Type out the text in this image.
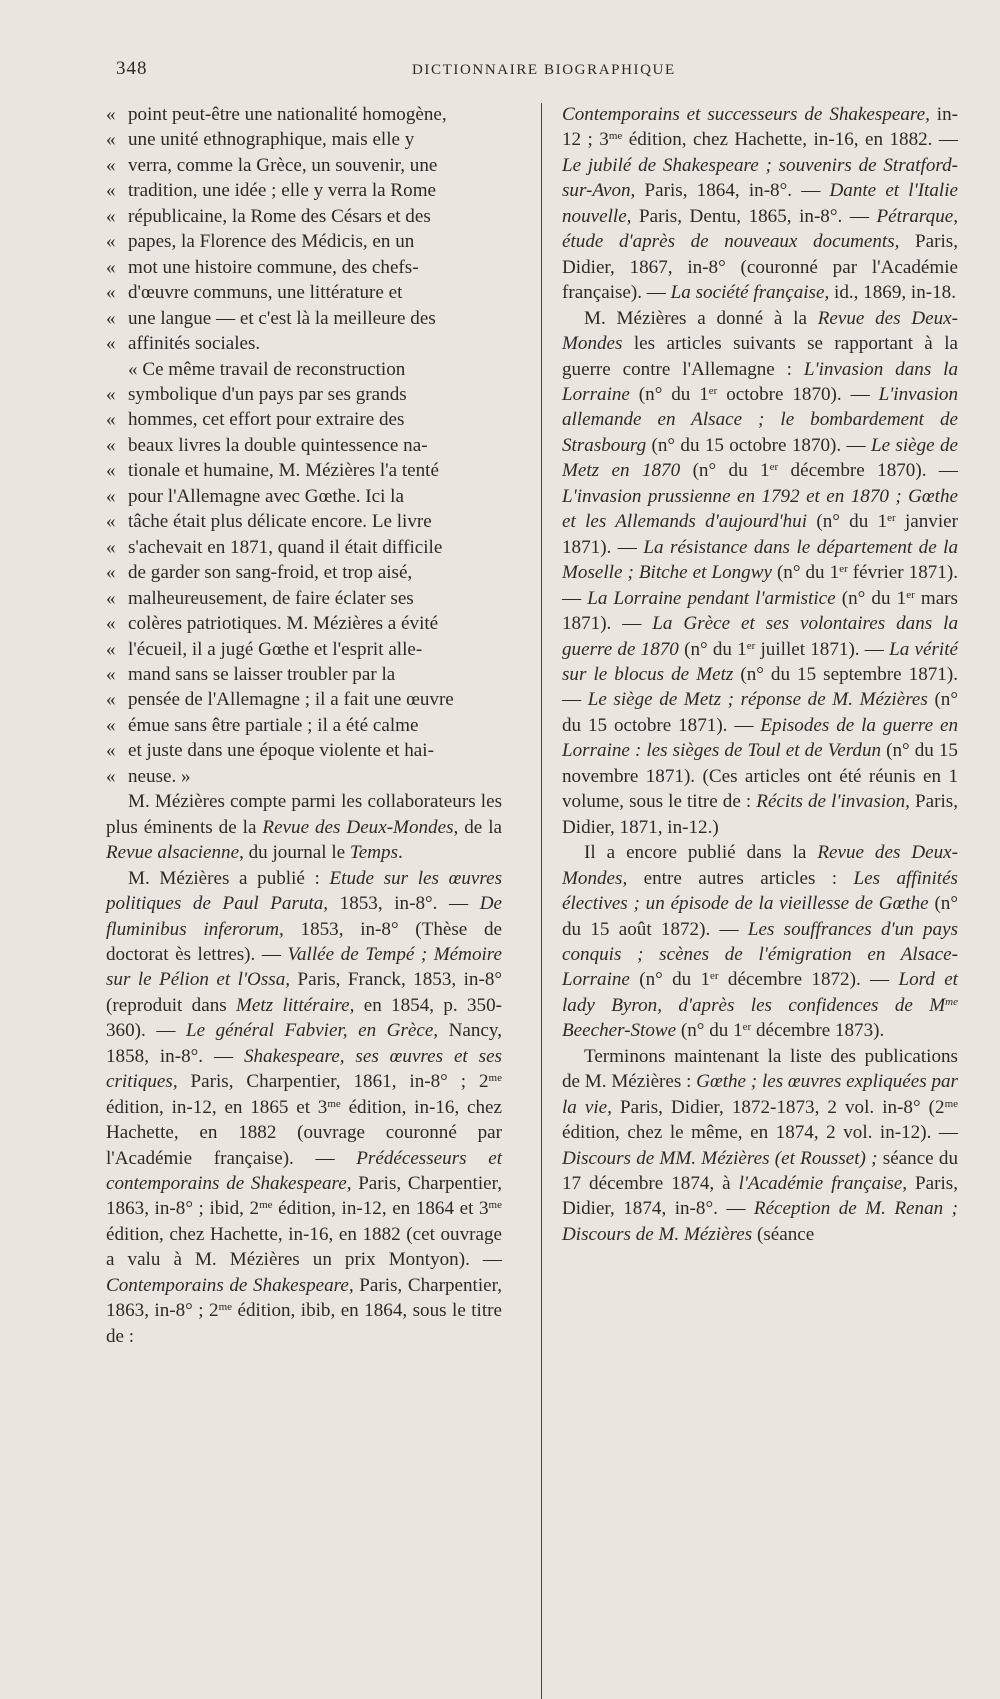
348	DICTIONNAIRE BIOGRAPHIQUE

« point peut-être une nationalité homogène,

« une unité ethnographique, mais elle y

« verra, comme la Grèce, un souvenir, une

« tradition, une idée ; elle y verra la Rome

« républicaine, la Rome des Césars et des

« papes, la Florence des Médicis, en un

« mot une histoire commune, des chefs-

« d'œuvre communs, une littérature et

« une langue — et c'est là la meilleure des

« affinités sociales.

« Ce même travail de reconstruction

« symbolique d'un pays par ses grands

« hommes, cet effort pour extraire des

« beaux livres la double quintessence na-

« tionale et humaine, M. Mézières l'a tenté

« pour l'Allemagne avec Gœthe. Ici la

« tâche était plus délicate encore. Le livre

« s'achevait en 1871, quand il était difficile

« de garder son sang-froid, et trop aisé,

« malheureusement, de faire éclater ses

« colères patriotiques. M. Mézières a évité

« l'écueil, il a jugé Gœthe et l'esprit alle-

« mand sans se laisser troubler par la

« pensée de l'Allemagne ; il a fait une œuvre

« émue sans être partiale ; il a été calme

« et juste dans une époque violente et hai-

« neuse. »

M. Mézières compte parmi les collaborateurs les plus éminents de la Revue des Deux-Mondes, de la Revue alsacienne, du journal le Temps.

M. Mézières a publié : Etude sur les œuvres politiques de Paul Paruta, 1853, in-8°. — De fluminibus inferorum, 1853, in-8° (Thèse de doctorat ès lettres). — Vallée de Tempé ; Mémoire sur le Pélion et l'Ossa, Paris, Franck, 1853, in-8° (reproduit dans Metz littéraire, en 1854, p. 350-360). — Le général Fabvier, en Grèce, Nancy, 1858, in-8°. — Shakespeare, ses œuvres et ses critiques, Paris, Charpentier, 1861, in-8° ; $2^{me}$ édition, in-12, en 1865 et $3^{me}$ édition, in-16, chez Hachette, en 1882 (ouvrage couronné par l'Académie française). — Prédécesseurs et contemporains de Shakespeare, Paris, Charpentier, 1863, in-8° ; ibid, $2^{me}$ édition, in-12, en 1864 et $3^{me}$ édition, chez Hachette, in-16, en 1882 (cet ouvrage a valu à M. Mézières un prix Montyon). — Contemporains de Shakespeare, Paris, Charpentier, 1863, in-8° ; $2^{me}$ édition, ibib, en 1864, sous le titre de :

Contemporains et successeurs de Shakespeare, in-12 ; $3^{me}$ édition, chez Hachette, in-16, en 1882. — Le jubilé de Shakespeare ; souvenirs de Stratford-sur-Avon, Paris, 1864, in-8°. — Dante et l'Italie nouvelle, Paris, Dentu, 1865, in-8°. — Pétrarque, étude d'après de nouveaux documents, Paris, Didier, 1867, in-8° (couronné par l'Académie française). — La société française, id., 1869, in-18.

M. Mézières a donné à la Revue des Deux-Mondes les articles suivants se rapportant à la guerre contre l'Allemagne : L'invasion dans la Lorraine (n° du 1er octobre 1870). — L'invasion allemande en Alsace ; le bombardement de Strasbourg (n° du 15 octobre 1870). — Le siège de Metz en 1870 (n° du 1er décembre 1870). — L'invasion prussienne en 1792 et en 1870 ; Gœthe et les Allemands d'aujourd'hui (n° du 1er janvier 1871). — La résistance dans le département de la Moselle ; Bitche et Longwy (n° du 1er février 1871). — La Lorraine pendant l'armistice (n° du 1er mars 1871). — La Grèce et ses volontaires dans la guerre de 1870 (n° du 1er juillet 1871). — La vérité sur le blocus de Metz (n° du 15 septembre 1871). — Le siège de Metz ; réponse de M. Mézières (n° du 15 octobre 1871). — Episodes de la guerre en Lorraine : les sièges de Toul et de Verdun (n° du 15 novembre 1871). (Ces articles ont été réunis en 1 volume, sous le titre de : Récits de l'invasion, Paris, Didier, 1871, in-12.)

Il a encore publié dans la Revue des Deux-Mondes, entre autres articles : Les affinités électives ; un épisode de la vieillesse de Gœthe (n° du 15 août 1872). — Les souffrances d'un pays conquis ; scènes de l'émigration en Alsace-Lorraine (n° du 1er décembre 1872). — Lord et lady Byron, d'après les confidences de $M^{me}$ Beecher-Stowe (n° du 1er décembre 1873).

Terminons maintenant la liste des publications de M. Mézières : Gœthe ; les œuvres expliquées par la vie, Paris, Didier, 1872-1873, 2 vol. in-8° ($2^{me}$ édition, chez le même, en 1874, 2 vol. in-12). — Discours de MM. Mézières (et Rousset) ; séance du 17 décembre 1874, à l'Académie française, Paris, Didier, 1874, in-8°. — Réception de M. Renan ; Discours de M. Mézières (séance
